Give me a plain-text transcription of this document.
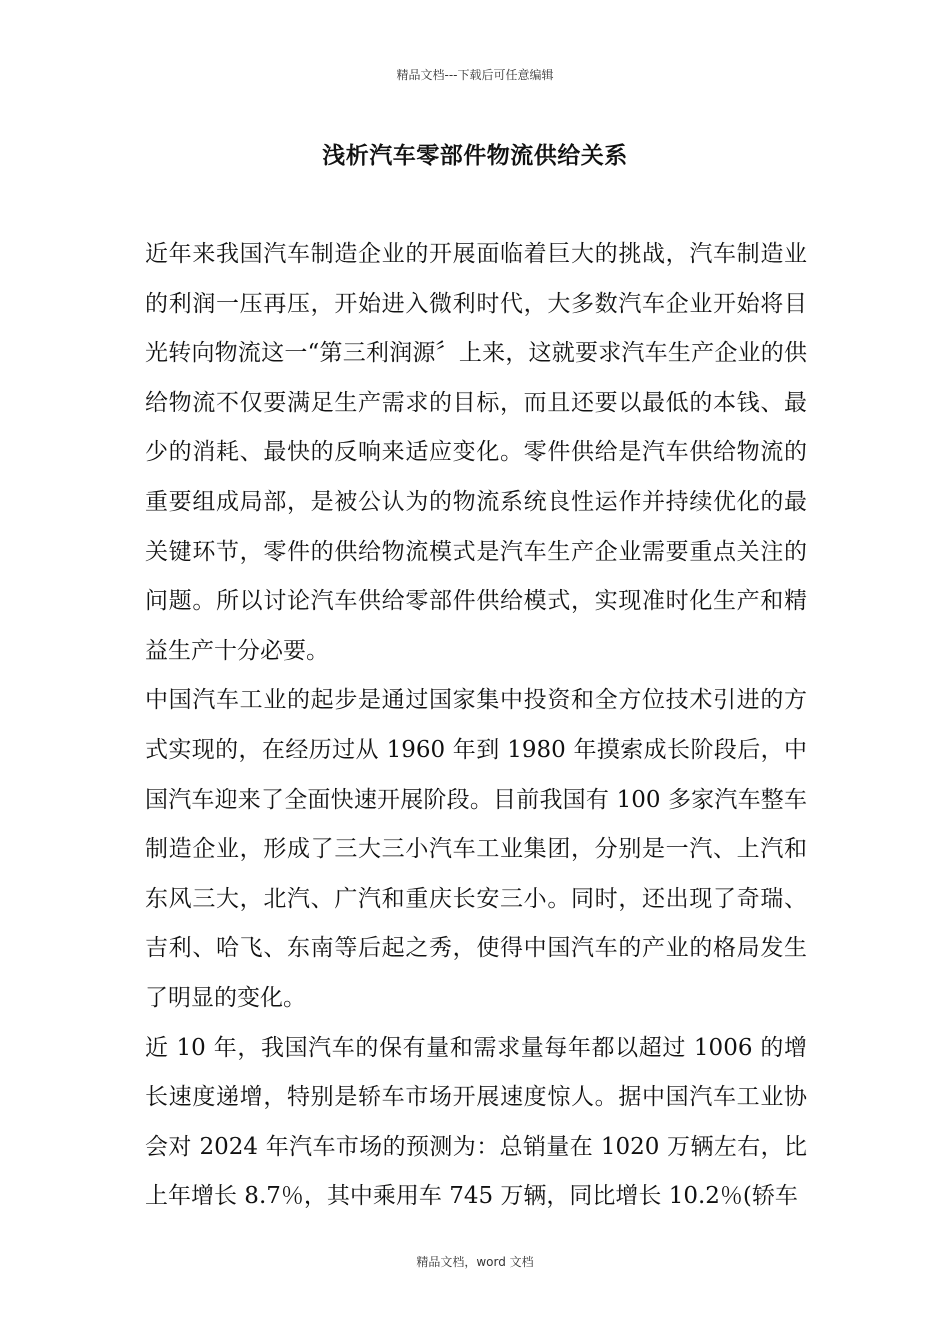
精品文档---下载后可任意编辑
浅析汽车零部件物流供给关系

近年来我国汽车制造企业的开展面临着巨大的挑战，汽车制造业的利润一压再压，开始进入微利时代，大多数汽车企业开始将目光转向物流这一“第三利润源〞上来，这就要求汽车生产企业的供给物流不仅要满足生产需求的目标，而且还要以最低的本钱、最少的消耗、最快的反响来适应变化。零件供给是汽车供给物流的重要组成局部，是被公认为的物流系统良性运作并持续优化的最关键环节，零件的供给物流模式是汽车生产企业需要重点关注的问题。所以讨论汽车供给零部件供给模式，实现准时化生产和精益生产十分必要。

中国汽车工业的起步是通过国家集中投资和全方位技术引进的方式实现的，在经历过从 1960 年到 1980 年摸索成长阶段后，中国汽车迎来了全面快速开展阶段。目前我国有 100 多家汽车整车制造企业，形成了三大三小汽车工业集团，分别是一汽、上汽和东风三大，北汽、广汽和重庆长安三小。同时，还出现了奇瑞、吉利、哈飞、东南等后起之秀，使得中国汽车的产业的格局发生了明显的变化。

近 10 年，我国汽车的保有量和需求量每年都以超过 1006 的增长速度递增，特别是轿车市场开展速度惊人。据中国汽车工业协会对 2024 年汽车市场的预测为：总销量在 1020 万辆左右，比上年增长 8.7％，其中乘用车 745 万辆，同比增长 10.2％(轿车

精品文档，word 文档
